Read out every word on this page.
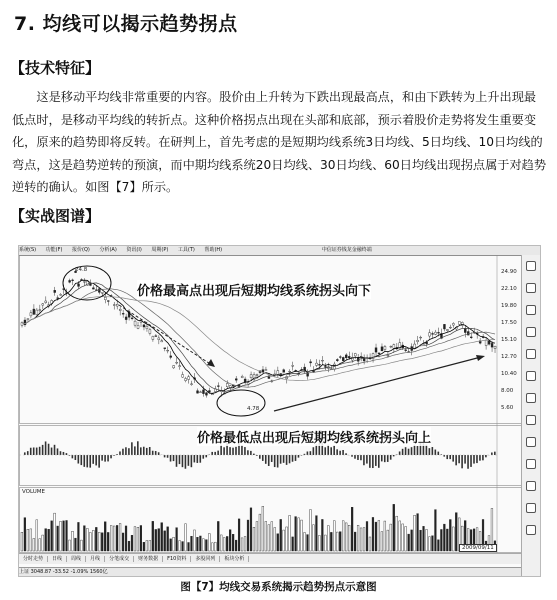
7. 均线可以揭示趋势拐点
【技术特征】

这是移动平均线非常重要的内容。股价由上升转为下跌出现最高点，和由下跌转为上升出现最低点时，是移动平均线的转折点。这种价格拐点出现在头部和底部，预示着股价走势将发生重要变化，原来的趋势即将反转。在研判上，首先考虑的是短期均线系统3日均线、5日均线、10日均线的弯点，这是趋势逆转的预演，而中期均线系统20日均线、30日均线、60日均线出现拐点属于对趋势逆转的确认。如图【7】所示。

【实战图谱】
系统(S) 功能(F) 报价(Q) 分析(A) 资讯(I) 周期(P) 工具(T) 帮助(H)	中信证券钱龙金融终端
24.8
4.78
VOLUME
24.90
22.10
19.80
17.50
15.10
12.70
10.40
8.00
5.60
价格最高点出现后短期均线系统拐头向下
价格最低点出现后短期均线系统拐头向上
2009/09/11
分时走势 日线 周线 月线 分笔成交 财务数据 F10资料 多股同列 板块分析
上证 3048.87 -33.52 -1.09% 1560亿
图【7】均线交易系统揭示趋势拐点示意图
